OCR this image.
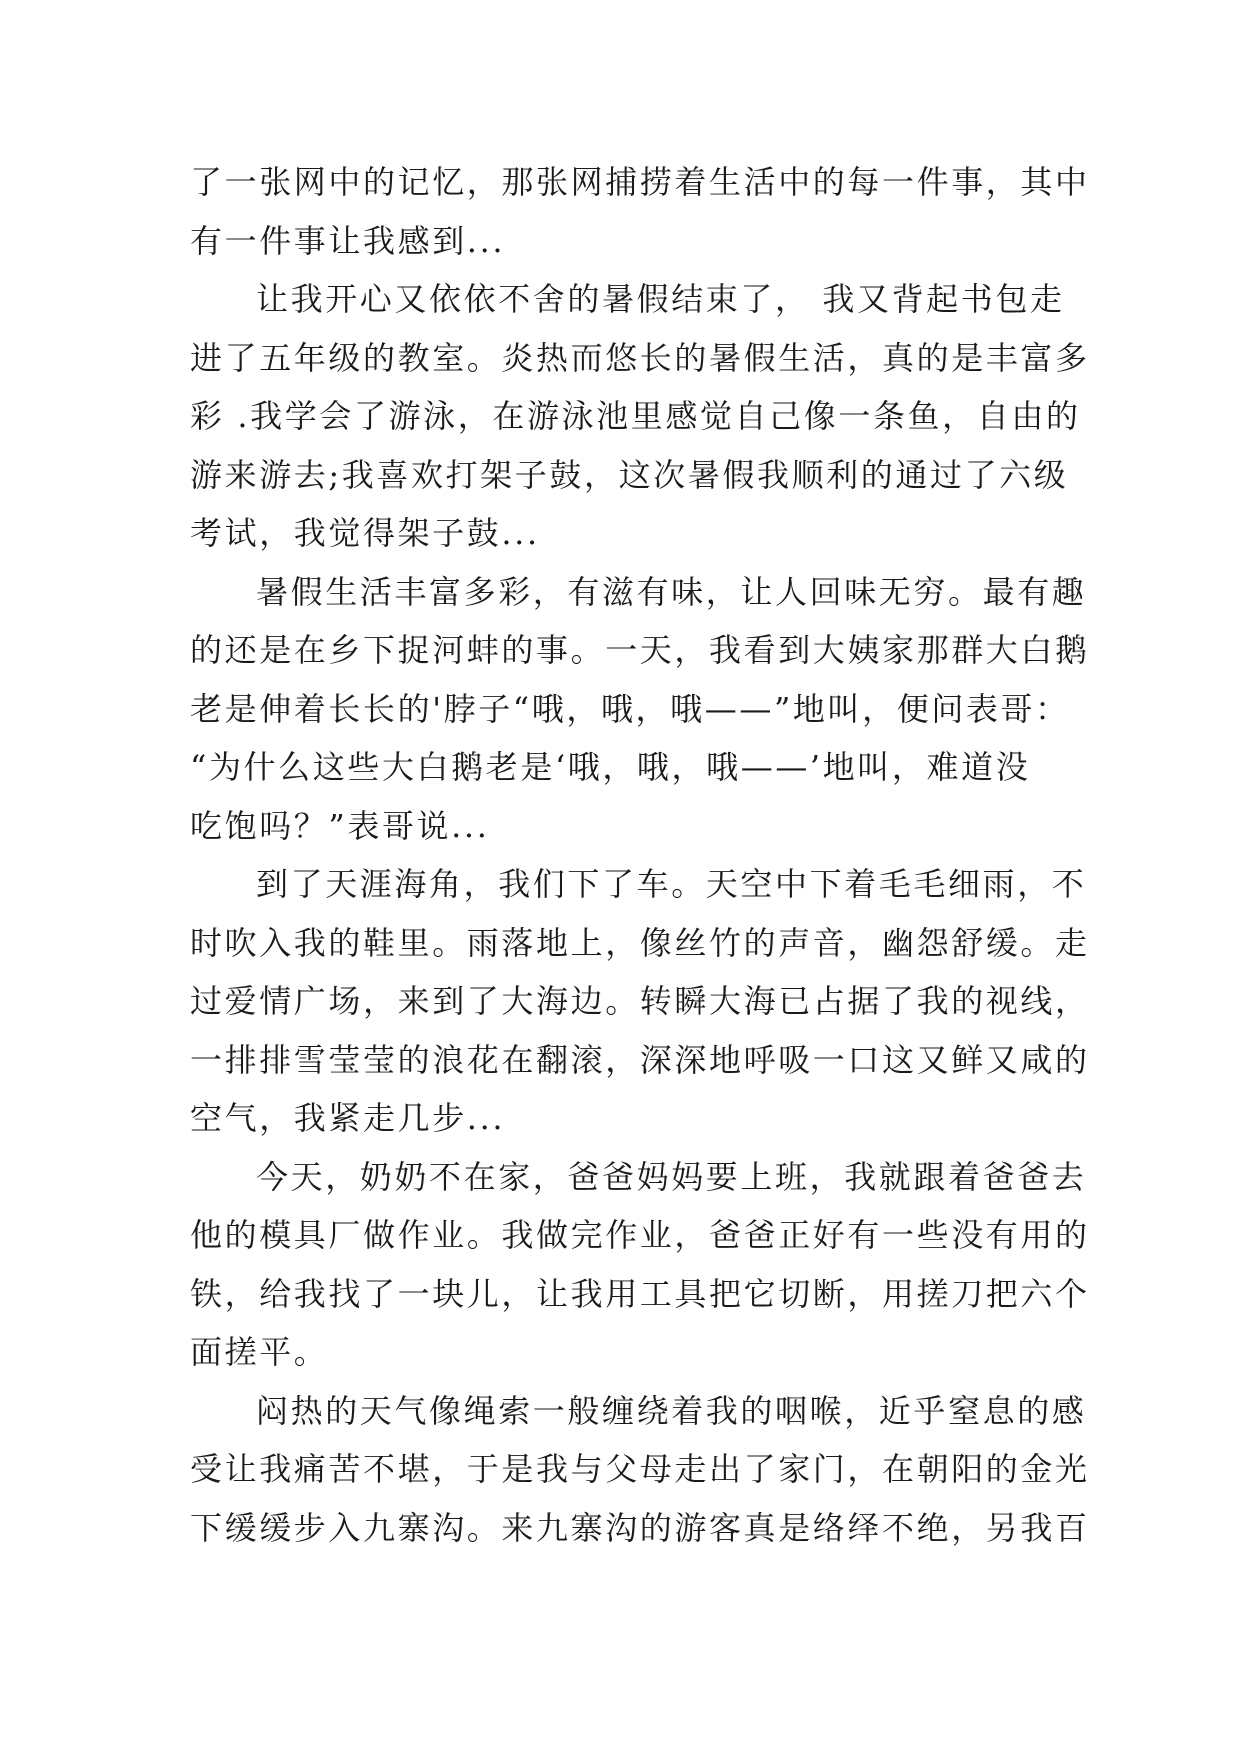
了一张网中的记忆，那张网捕捞着生活中的每一件事，其中
有一件事让我感到...
让我开心又依依不舍的暑假结束了， 我又背起书包走
进了五年级的教室。炎热而悠长的暑假生活，真的是丰富多
彩 .我学会了游泳，在游泳池里感觉自己像一条鱼，自由的
游来游去;我喜欢打架子鼓，这次暑假我顺利的通过了六级
考试，我觉得架子鼓...
暑假生活丰富多彩，有滋有味，让人回味无穷。最有趣
的还是在乡下捉河蚌的事。一天，我看到大姨家那群大白鹅
老是伸着长长的'脖子“哦，哦，哦——”地叫，便问表哥：
“为什么这些大白鹅老是‘哦，哦，哦——’地叫，难道没
吃饱吗？”表哥说...
到了天涯海角，我们下了车。天空中下着毛毛细雨，不
时吹入我的鞋里。雨落地上，像丝竹的声音，幽怨舒缓。走
过爱情广场，来到了大海边。转瞬大海已占据了我的视线，
一排排雪莹莹的浪花在翻滚，深深地呼吸一口这又鲜又咸的
空气，我紧走几步...
今天，奶奶不在家，爸爸妈妈要上班，我就跟着爸爸去
他的模具厂做作业。我做完作业，爸爸正好有一些没有用的
铁，给我找了一块儿，让我用工具把它切断，用搓刀把六个
面搓平。
闷热的天气像绳索一般缠绕着我的咽喉，近乎窒息的感
受让我痛苦不堪，于是我与父母走出了家门，在朝阳的金光
下缓缓步入九寨沟。来九寨沟的游客真是络绎不绝，另我百
